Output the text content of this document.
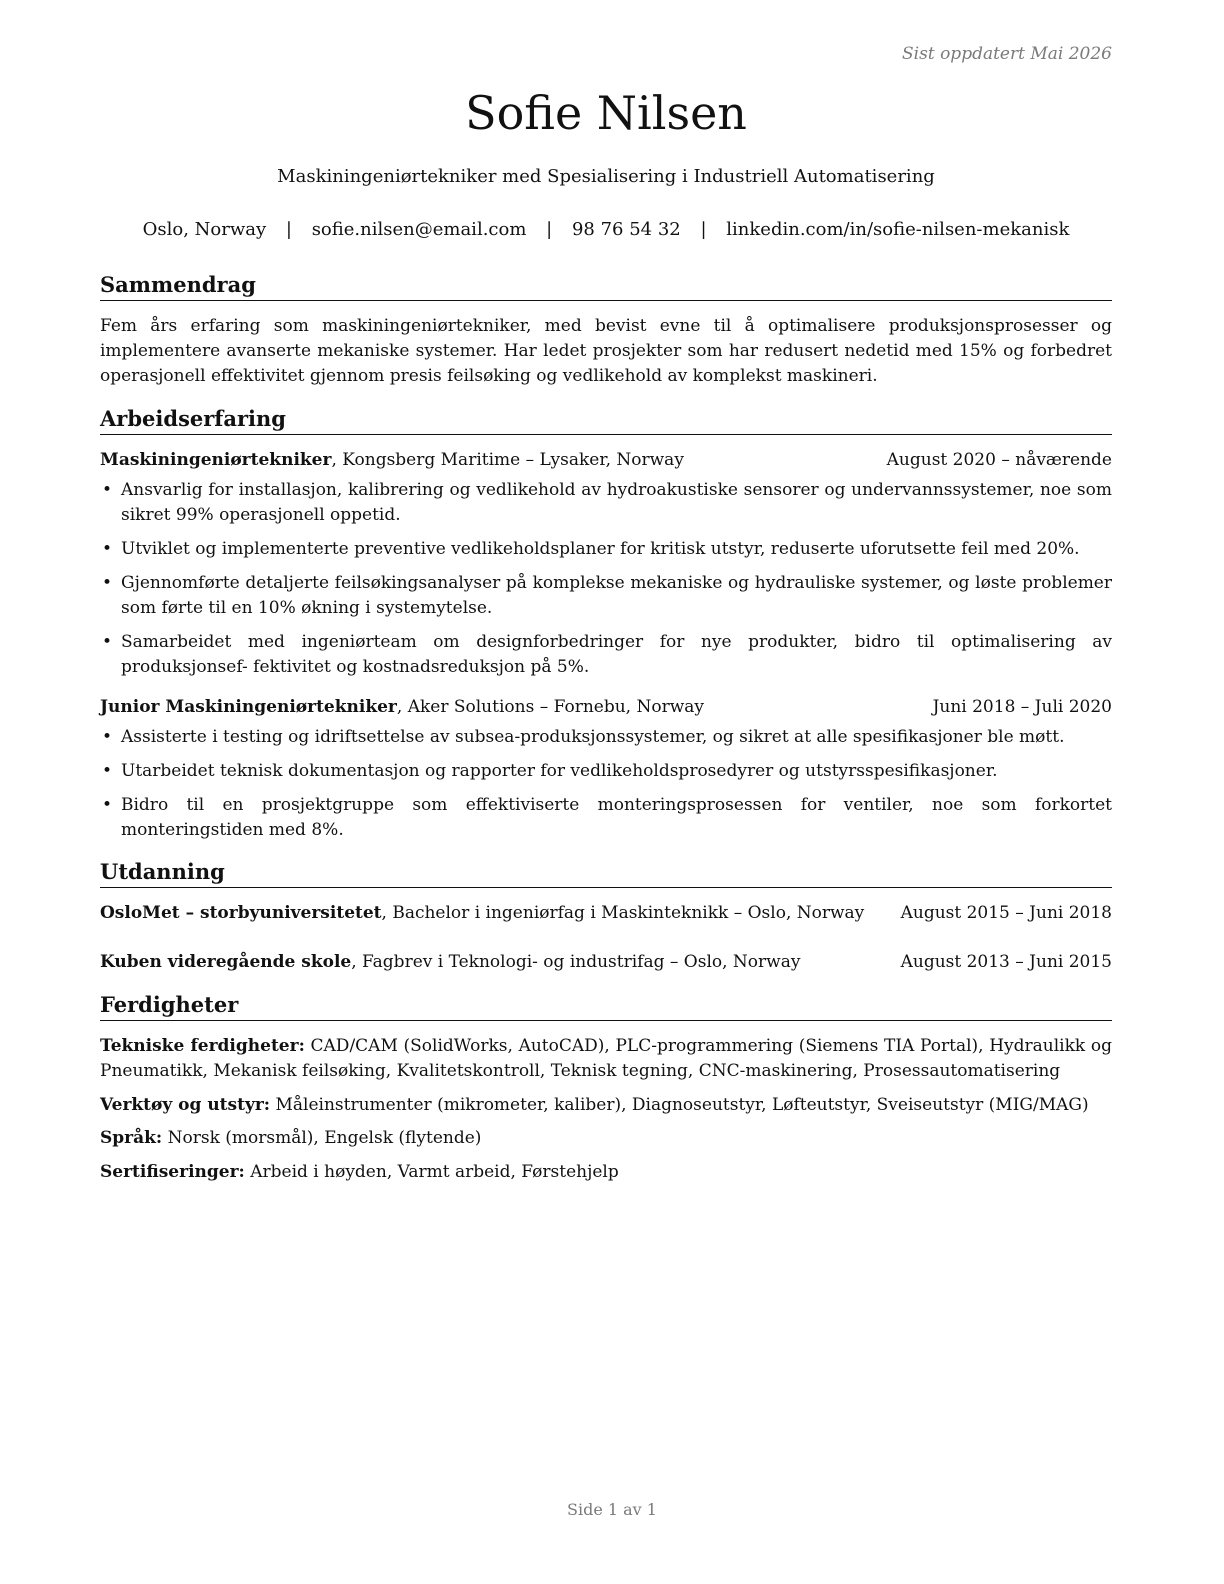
Sist oppdatert Mai 2026
Sofie Nilsen
Maskiningeniørtekniker med Spesialisering i Industriell Automatisering
Oslo, Norway | sofie.nilsen@email.com | 98 76 54 32 | linkedin.com/in/sofie-nilsen-mekanisk
Sammendrag

Fem års erfaring som maskiningeniørtekniker, med bevist evne til å optimalisere produksjonsprosesser og implementere avanserte mekaniske systemer. Har ledet prosjekter som har redusert nedetid med 15% og forbedret operasjonell effektivitet gjennom presis feilsøking og vedlikehold av komplekst maskineri.

Arbeidserfaring
Maskiningeniørtekniker, Kongsberg Maritime – Lysaker, Norway	August 2020 – nåværende
• Ansvarlig for installasjon, kalibrering og vedlikehold av hydroakustiske sensorer og undervannssystemer, noe som sikret 99% operasjonell oppetid.
• Utviklet og implementerte preventive vedlikeholdsplaner for kritisk utstyr, reduserte uforutsette feil med 20%.
• Gjennomførte detaljerte feilsøkingsanalyser på komplekse mekaniske og hydrauliske systemer, og løste problemer som førte til en 10% økning i systemytelse.
• Samarbeidet med ingeniørteam om designforbedringer for nye produkter, bidro til optimalisering av produksjonsef- fektivitet og kostnadsreduksjon på 5%.
Junior Maskiningeniørtekniker, Aker Solutions – Fornebu, Norway	Juni 2018 – Juli 2020
• Assisterte i testing og idriftsettelse av subsea-produksjonssystemer, og sikret at alle spesifikasjoner ble møtt.
• Utarbeidet teknisk dokumentasjon og rapporter for vedlikeholdsprosedyrer og utstyrsspesifikasjoner.
• Bidro til en prosjektgruppe som effektiviserte monteringsprosessen for ventiler, noe som forkortet monteringstiden med 8%.
Utdanning
OsloMet – storbyuniversitetet, Bachelor i ingeniørfag i Maskinteknikk – Oslo, Norway August 2015 – Juni 2018
Kuben videregående skole, Fagbrev i Teknologi- og industrifag – Oslo, Norway	August 2013 – Juni 2015
Ferdigheter
Tekniske ferdigheter: CAD/CAM (SolidWorks, AutoCAD), PLC-programmering (Siemens TIA Portal), Hydraulikk og Pneumatikk, Mekanisk feilsøking, Kvalitetskontroll, Teknisk tegning, CNC-maskinering, Prosessautomatisering
Verktøy og utstyr: Måleinstrumenter (mikrometer, kaliber), Diagnoseutstyr, Løfteutstyr, Sveiseutstyr (MIG/MAG)
Språk: Norsk (morsmål), Engelsk (flytende)
Sertifiseringer: Arbeid i høyden, Varmt arbeid, Førstehjelp
Side 1 av 1
